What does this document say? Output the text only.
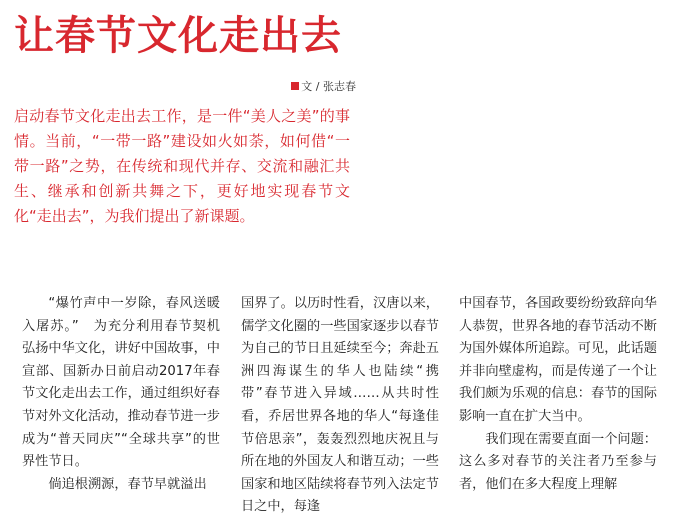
让春节文化走出去
文 / 张志春

启动春节文化走出去工作，是一件“美人之美”的事情。当前，“一带一路”建设如火如荼，如何借“一带一路”之势，在传统和现代并存、交流和融汇共生、继承和创新共舞之下，更好地实现春节文化“走出去”，为我们提出了新课题。

“爆竹声中一岁除，春风送暖入屠苏。”　为充分利用春节契机弘扬中华文化，讲好中国故事，中宣部、国新办日前启动2017年春节文化走出去工作，通过组织好春节对外文化活动，推动春节进一步成为“普天同庆”“全球共享”的世界性节日。

倘追根溯源，春节早就溢出

国界了。以历时性看，汉唐以来，儒学文化圈的一些国家逐步以春节为自己的节日且延续至今；奔赴五洲四海谋生的华人也陆续“携带”春节进入异域……从共时性看，乔居世界各地的华人“每逢佳节倍思亲”，轰轰烈烈地庆祝且与所在地的外国友人和谐互动；一些国家和地区陆续将春节列入法定节日之中，每逢

中国春节，各国政要纷纷致辞向华人恭贺，世界各地的春节活动不断为国外媒体所追踪。可见，此话题并非向壁虚构，而是传递了一个让我们颇为乐观的信息：春节的国际影响一直在扩大当中。

我们现在需要直面一个问题：这么多对春节的关注者乃至参与者，他们在多大程度上理解
